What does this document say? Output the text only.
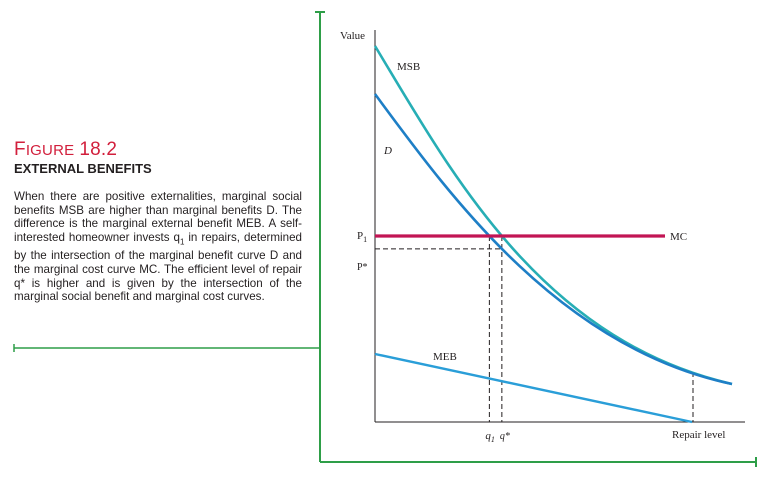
FIGURE 18.2
EXTERNAL BENEFITS
When there are positive externalities, marginal social benefits MSB are higher than marginal benefits D. The difference is the marginal external benefit MEB. A self-interested homeowner invests $q_1$ in repairs, determined by the intersection of the marginal benefit curve D and the marginal cost curve MC. The efficient level of repair q* is higher and is given by the intersection of the marginal social benefit and marginal cost curves.
Value
Repair level
MSB
D
MEB
MC
$P_1$
P*
$q_1$ q*
